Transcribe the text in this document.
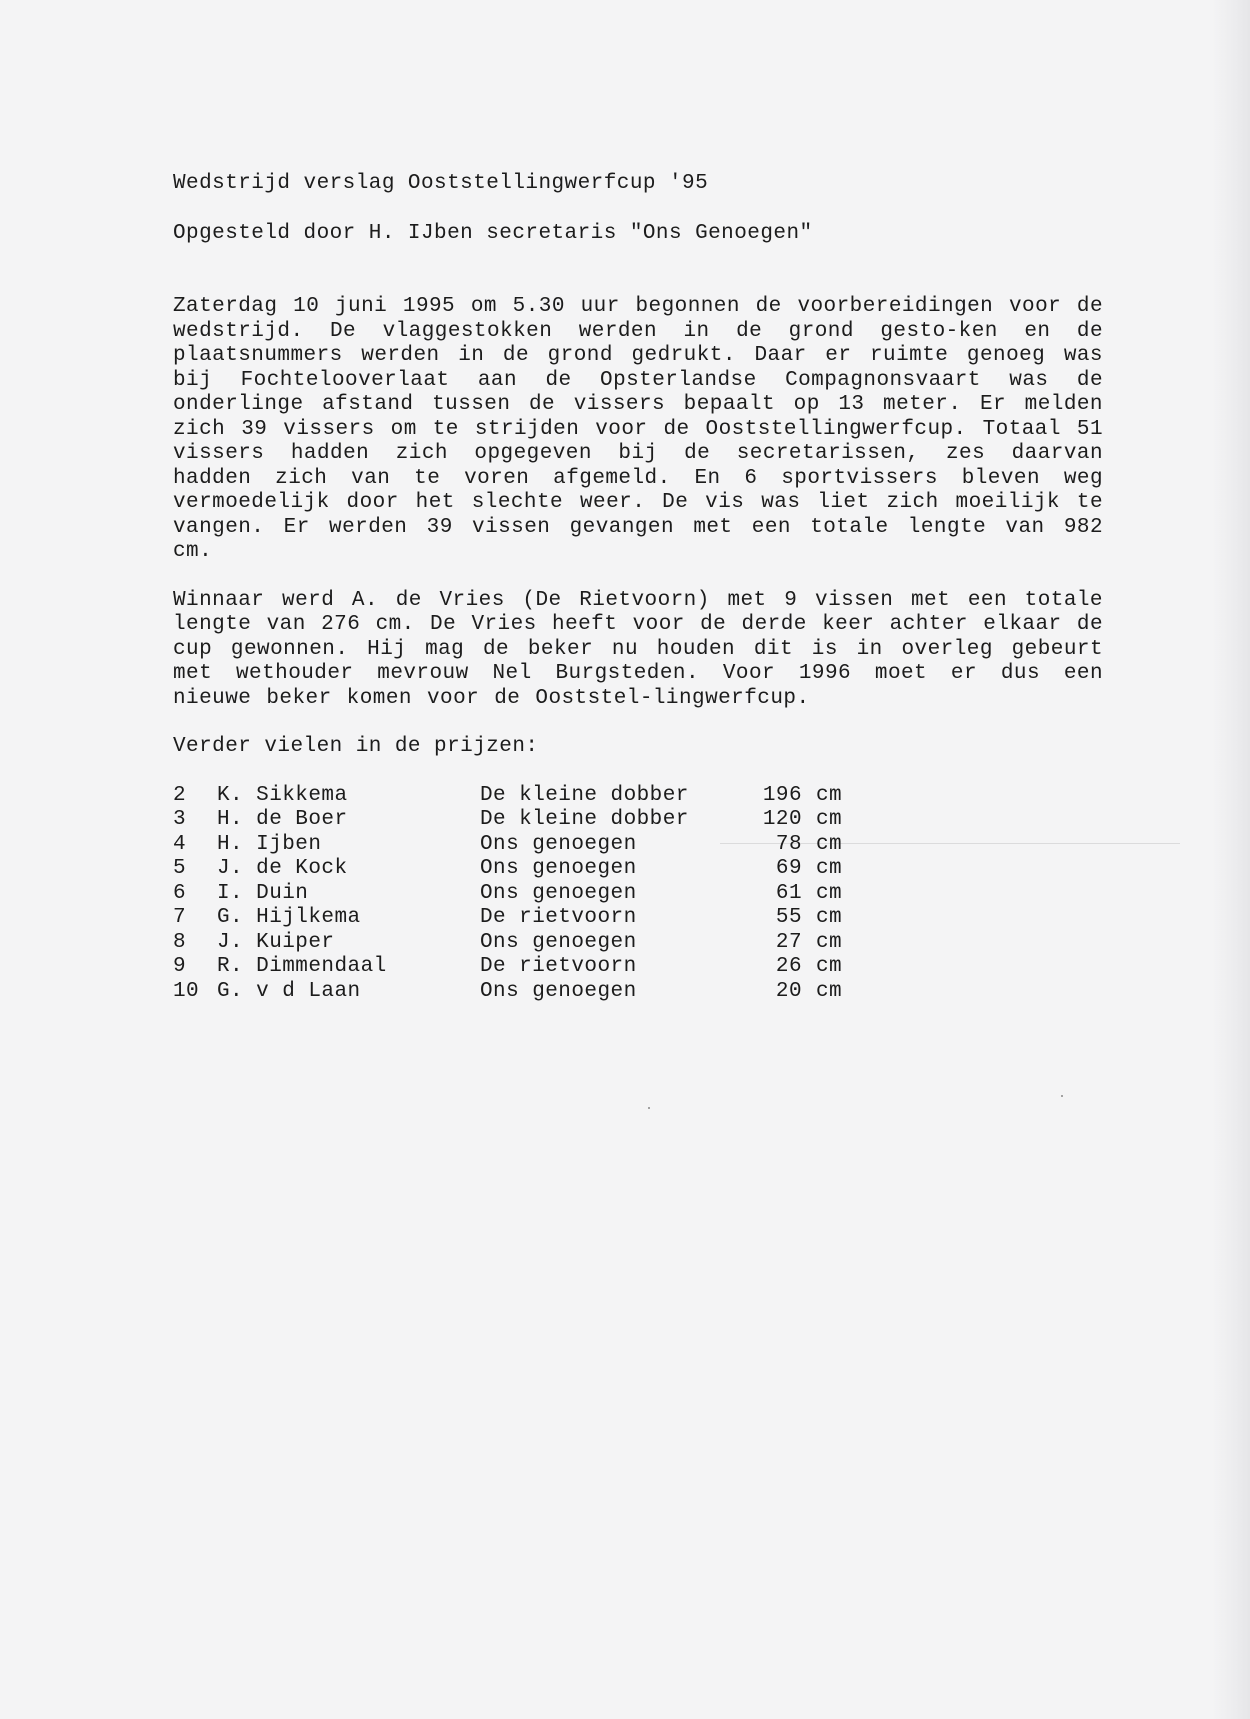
Wedstrijd verslag Ooststellingwerfcup '95

Opgesteld door H. IJben secretaris "Ons Genoegen"

Zaterdag 10 juni 1995 om 5.30 uur begonnen de voorbereidingen voor de wedstrijd. De vlaggestokken werden in de grond gesto-ken en de plaatsnummers werden in de grond gedrukt. Daar er ruimte genoeg was bij Fochtelooverlaat aan de Opsterlandse Compagnonsvaart was de onderlinge afstand tussen de vissers bepaalt op 13 meter. Er melden zich 39 vissers om te strijden voor de Ooststellingwerfcup. Totaal 51 vissers hadden zich opgegeven bij de secretarissen, zes daarvan hadden zich van te voren afgemeld. En 6 sportvissers bleven weg vermoedelijk door het slechte weer. De vis was liet zich moeilijk te vangen. Er werden 39 vissen gevangen met een totale lengte van 982 cm.

Winnaar werd A. de Vries (De Rietvoorn) met 9 vissen met een totale lengte van 276 cm. De Vries heeft voor de derde keer achter elkaar de cup gewonnen. Hij mag de beker nu houden dit is in overleg gebeurt met wethouder mevrouw Nel Burgsteden. Voor 1996 moet er dus een nieuwe beker komen voor de Ooststel-lingwerfcup.

Verder vielen in de prijzen:

2	K. Sikkema	De kleine dobber	196	cm
3	H. de Boer	De kleine dobber	120	cm
4	H. Ijben	Ons genoegen	78	cm
5	J. de Kock	Ons genoegen	69	cm
6	I. Duin	Ons genoegen	61	cm
7	G. Hijlkema	De rietvoorn	55	cm
8	J. Kuiper	Ons genoegen	27	cm
9	R. Dimmendaal	De rietvoorn	26	cm
10	G. v d Laan	Ons genoegen	20	cm
